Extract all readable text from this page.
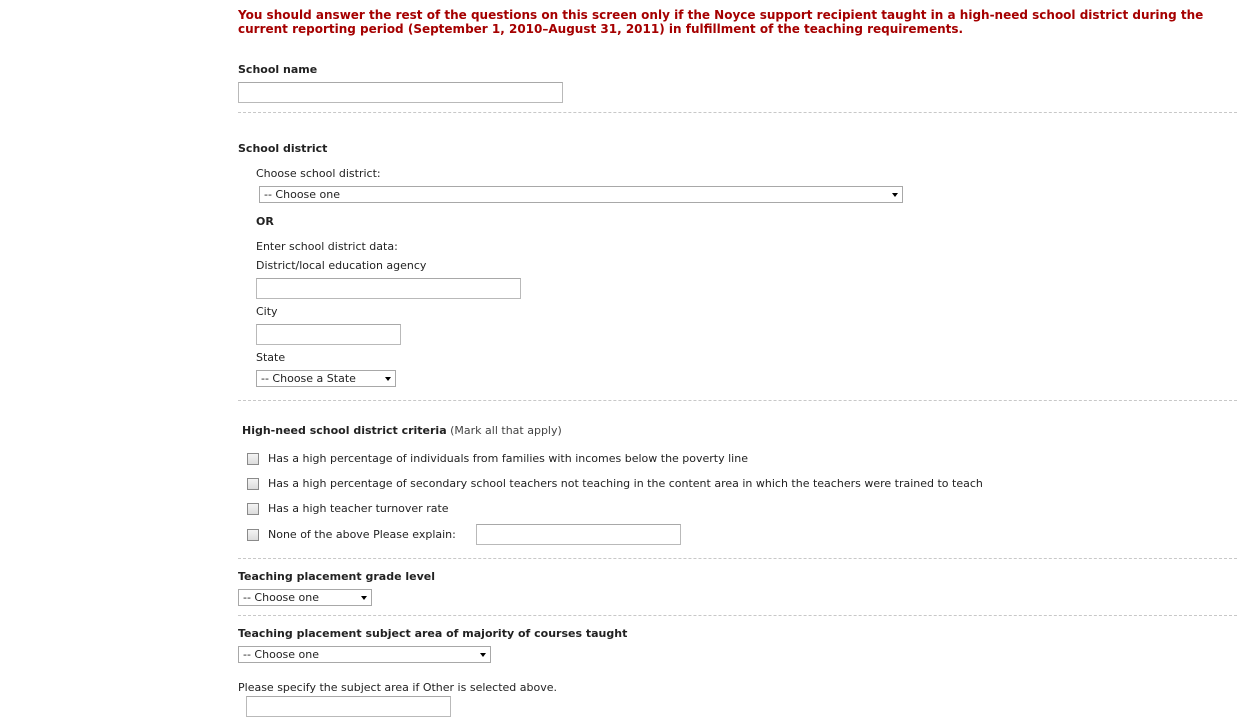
You should answer the rest of the questions on this screen only if the Noyce support recipient taught in a high-need school district during the current reporting period (September 1, 2010–August 31, 2011) in fulfillment of the teaching requirements.
School name
School district
Choose school district:
-- Choose one
OR
Enter school district data:
District/local education agency
City
State
-- Choose a State
High-need school district criteria (Mark all that apply)
Has a high percentage of individuals from families with incomes below the poverty line
Has a high percentage of secondary school teachers not teaching in the content area in which the teachers were trained to teach
Has a high teacher turnover rate
None of the above Please explain:
Teaching placement grade level
-- Choose one
Teaching placement subject area of majority of courses taught
-- Choose one
Please specify the subject area if Other is selected above.
